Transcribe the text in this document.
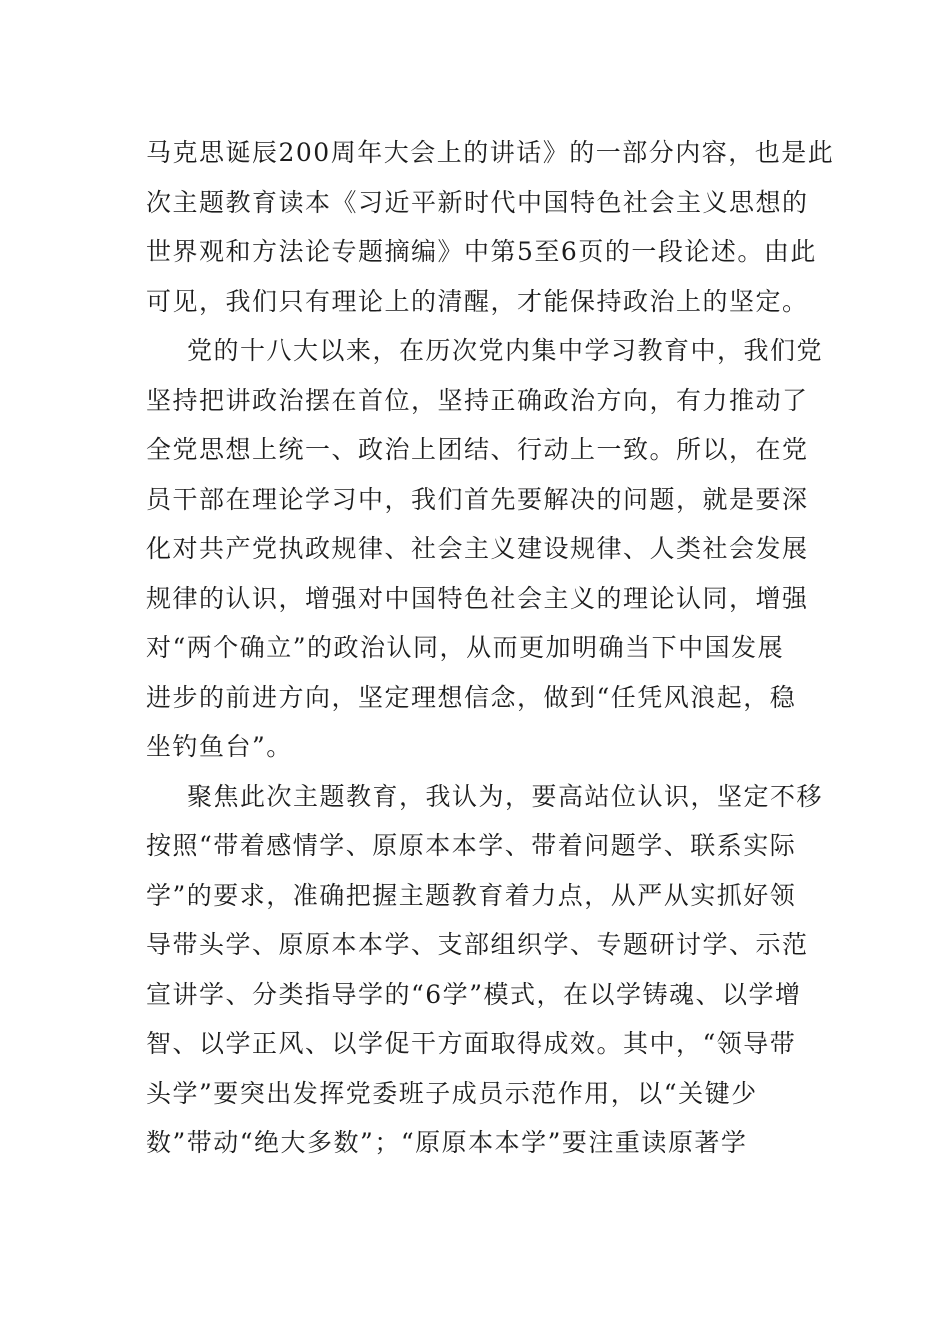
马克思诞辰200周年大会上的讲话》的一部分内容，也是此
次主题教育读本《习近平新时代中国特色社会主义思想的
世界观和方法论专题摘编》中第5至6页的一段论述。由此
可见，我们只有理论上的清醒，才能保持政治上的坚定。
党的十八大以来，在历次党内集中学习教育中，我们党
坚持把讲政治摆在首位，坚持正确政治方向，有力推动了
全党思想上统一、政治上团结、行动上一致。所以，在党
员干部在理论学习中，我们首先要解决的问题，就是要深
化对共产党执政规律、社会主义建设规律、人类社会发展
规律的认识，增强对中国特色社会主义的理论认同，增强
对“两个确立”的政治认同，从而更加明确当下中国发展
进步的前进方向，坚定理想信念，做到“任凭风浪起，稳
坐钓鱼台”。
聚焦此次主题教育，我认为，要高站位认识，坚定不移
按照“带着感情学、原原本本学、带着问题学、联系实际
学”的要求，准确把握主题教育着力点，从严从实抓好领
导带头学、原原本本学、支部组织学、专题研讨学、示范
宣讲学、分类指导学的“6学”模式，在以学铸魂、以学增
智、以学正风、以学促干方面取得成效。其中，“领导带
头学”要突出发挥党委班子成员示范作用，以“关键少
数”带动“绝大多数”；“原原本本学”要注重读原著学
